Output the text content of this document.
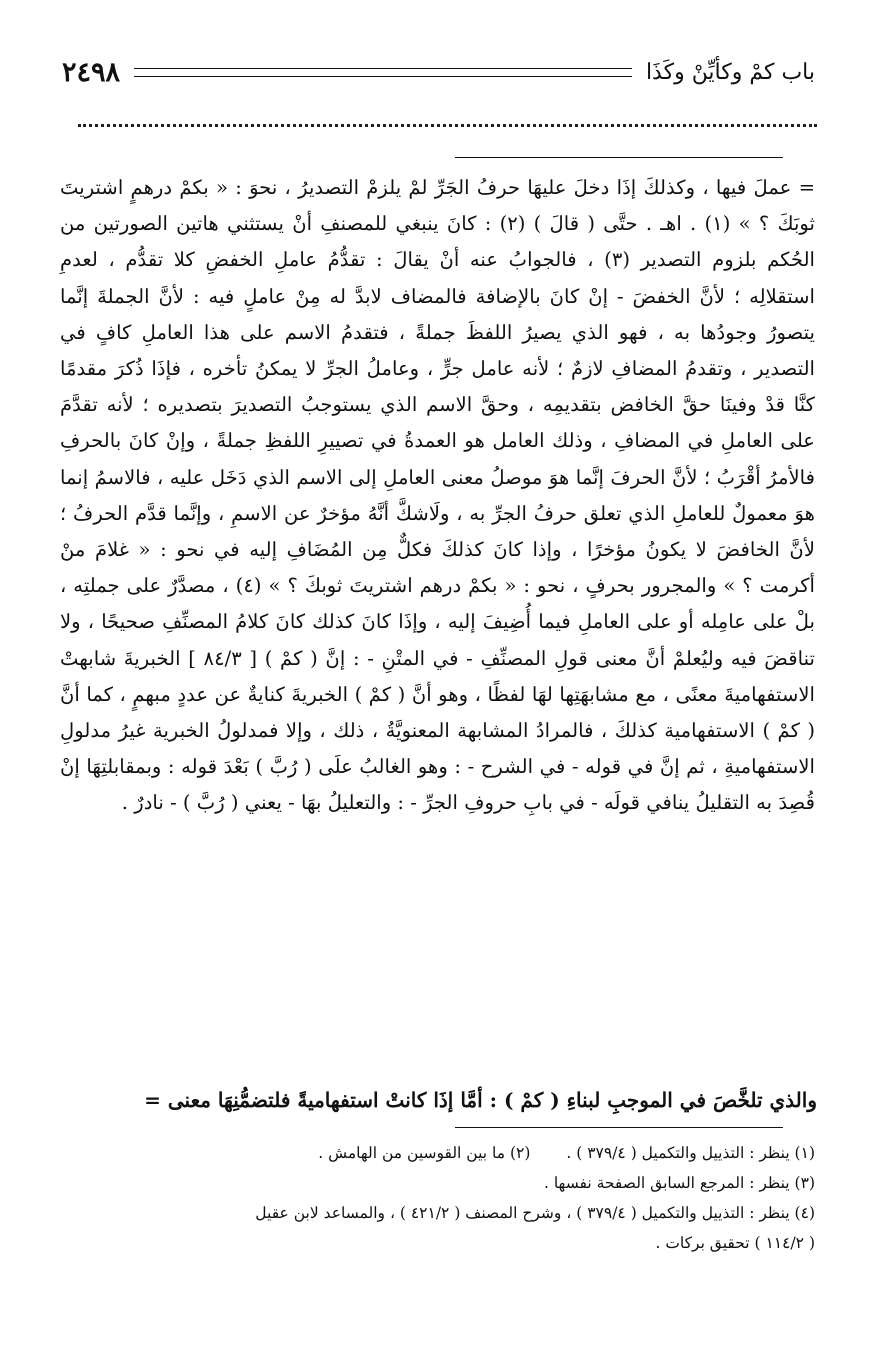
باب كمْ وكأيِّنْ وكَذَا
٢٤٩٨

= عملَ فيها ، وكذلكَ إذَا دخلَ عليهَا حرفُ الجَرِّ لمْ يلزمْ التصديرُ ، نحوَ : « بكمْ درهمٍ اشتريتَ ثوبَكَ ؟ » (١) . اهـ . حتَّى ( قالَ ) (٢) : كانَ ينبغي للمصنفِ أنْ يستثني هاتين الصورتين من الحُكم بلزوم التصدير (٣) ، فالجوابُ عنه أنْ يقالَ : تقدُّمُ عاملِ الخفضِ كلا تقدُّم ، لعدمِ استقلالِه ؛ لأنَّ الخفضَ - إنْ كانَ بالإضافة فالمضاف لابدَّ له مِنْ عاملٍ فيه : لأنَّ الجملةَ إنَّما يتصورُ وجودُها به ، فهو الذي يصيرُ اللفظَ جملةً ، فتقدمُ الاسم على هذا العاملِ كافٍ في التصدير ، وتقدمُ المضافِ لازمٌ ؛ لأنه عامل جرٍّ ، وعاملُ الجرِّ لا يمكنُ تأخره ، فإذَا ذُكرَ مقدمًا كنَّا قدْ وفينَا حقَّ الخافض بتقديمِه ، وحقَّ الاسم الذي يستوجبُ التصديرَ بتصديره ؛ لأنه تقدَّمَ على العاملِ في المضافِ ، وذلك العامل هو العمدةُ في تصييرِ اللفظِ جملةً ، وإنْ كانَ بالحرفِ فالأمرُ أقْرَبُ ؛ لأنَّ الحرفَ إنَّما هوَ موصلُ معنى العاملِ إلى الاسم الذي دَخَل عليه ، فالاسمُ إنما هوَ معمولٌ للعاملِ الذي تعلق حرفُ الجرِّ به ، ولَاشكَّ أنَّهُ مؤخرٌ عن الاسمِ ، وإنَّما قدَّم الحرفُ ؛ لأنَّ الخافضَ لا يكونُ مؤخرًا ، وإذا كانَ كذلكَ فكلٌّ مِن المُضَافِ إليه في نحو : « غلامَ منْ أكرمت ؟ » والمجرور بحرفٍ ، نحو : « بكمْ درهم اشتريتَ ثوبكَ ؟ » (٤) ، مصدَّرٌ على جملتِه ، بلْ على عامِله أو على العاملِ فيما أُضِيفَ إليه ، وإذَا كانَ كذلك كانَ كلامُ المصنِّفِ صحيحًا ، ولا تناقضَ فيه وليُعلمْ أنَّ معنى قولِ المصنِّفِ - في المتْنِ - : إنَّ ( كمْ ) [ ٨٤/٣ ] الخبريةَ شابهتْ الاستفهاميةَ معنًى ، مع مشابهَتِها لهَا لفظًا ، وهو أنَّ ( كمْ ) الخبريةَ كنايةٌ عن عددٍ مبهمٍ ، كما أنَّ ( كمْ ) الاستفهامية كذلكَ ، فالمرادُ المشابهة المعنويَّةُ ، ذلك ، وإلا فمدلولُ الخبرية غيرُ مدلولِ الاستفهاميةِ ، ثم إنَّ في قوله - في الشرح - : وهو الغالبُ علَى ( رُبَّ ) بَعْدَ قوله : وبمقابلتِهَا إنْ قُصِدَ به التقليلُ ينافي قولَه - في بابِ حروفِ الجرِّ - : والتعليلُ بهَا - يعني ( رُبَّ ) - نادرٌ .

والذي تلخَّصَ في الموجبِ لبناءِ ( كمْ ) : أمَّا إذَا كانتْ استفهاميةً فلتضمُّنِهَا معنى =
(١) ينظر : التذييل والتكميل ( ٣٧٩/٤ ) .
(٢) ما بين القوسين من الهامش .
(٣) ينظر : المرجع السابق الصفحة نفسها .
(٤) ينظر : التذييل والتكميل ( ٣٧٩/٤ ) ، وشرح المصنف ( ٤٢١/٢ ) ، والمساعد لابن عقيل
( ١١٤/٢ ) تحقيق بركات .
